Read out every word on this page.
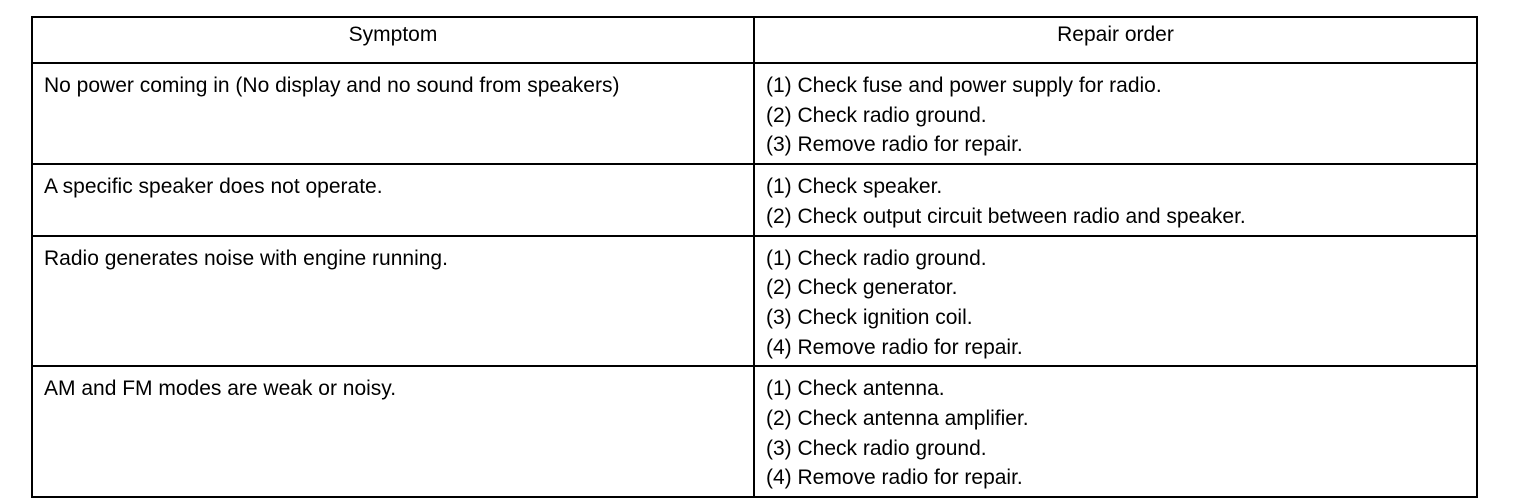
Symptom	Repair order
No power coming in (No display and no sound from speakers)	(1) Check fuse and power supply for radio.
(2) Check radio ground.
(3) Remove radio for repair.

A specific speaker does not operate.	(1) Check speaker.
(2) Check output circuit between radio and speaker.

Radio generates noise with engine running.	(1) Check radio ground.
(2) Check generator.
(3) Check ignition coil.
(4) Remove radio for repair.

AM and FM modes are weak or noisy.	(1) Check antenna.
(2) Check antenna amplifier.
(3) Check radio ground.
(4) Remove radio for repair.
